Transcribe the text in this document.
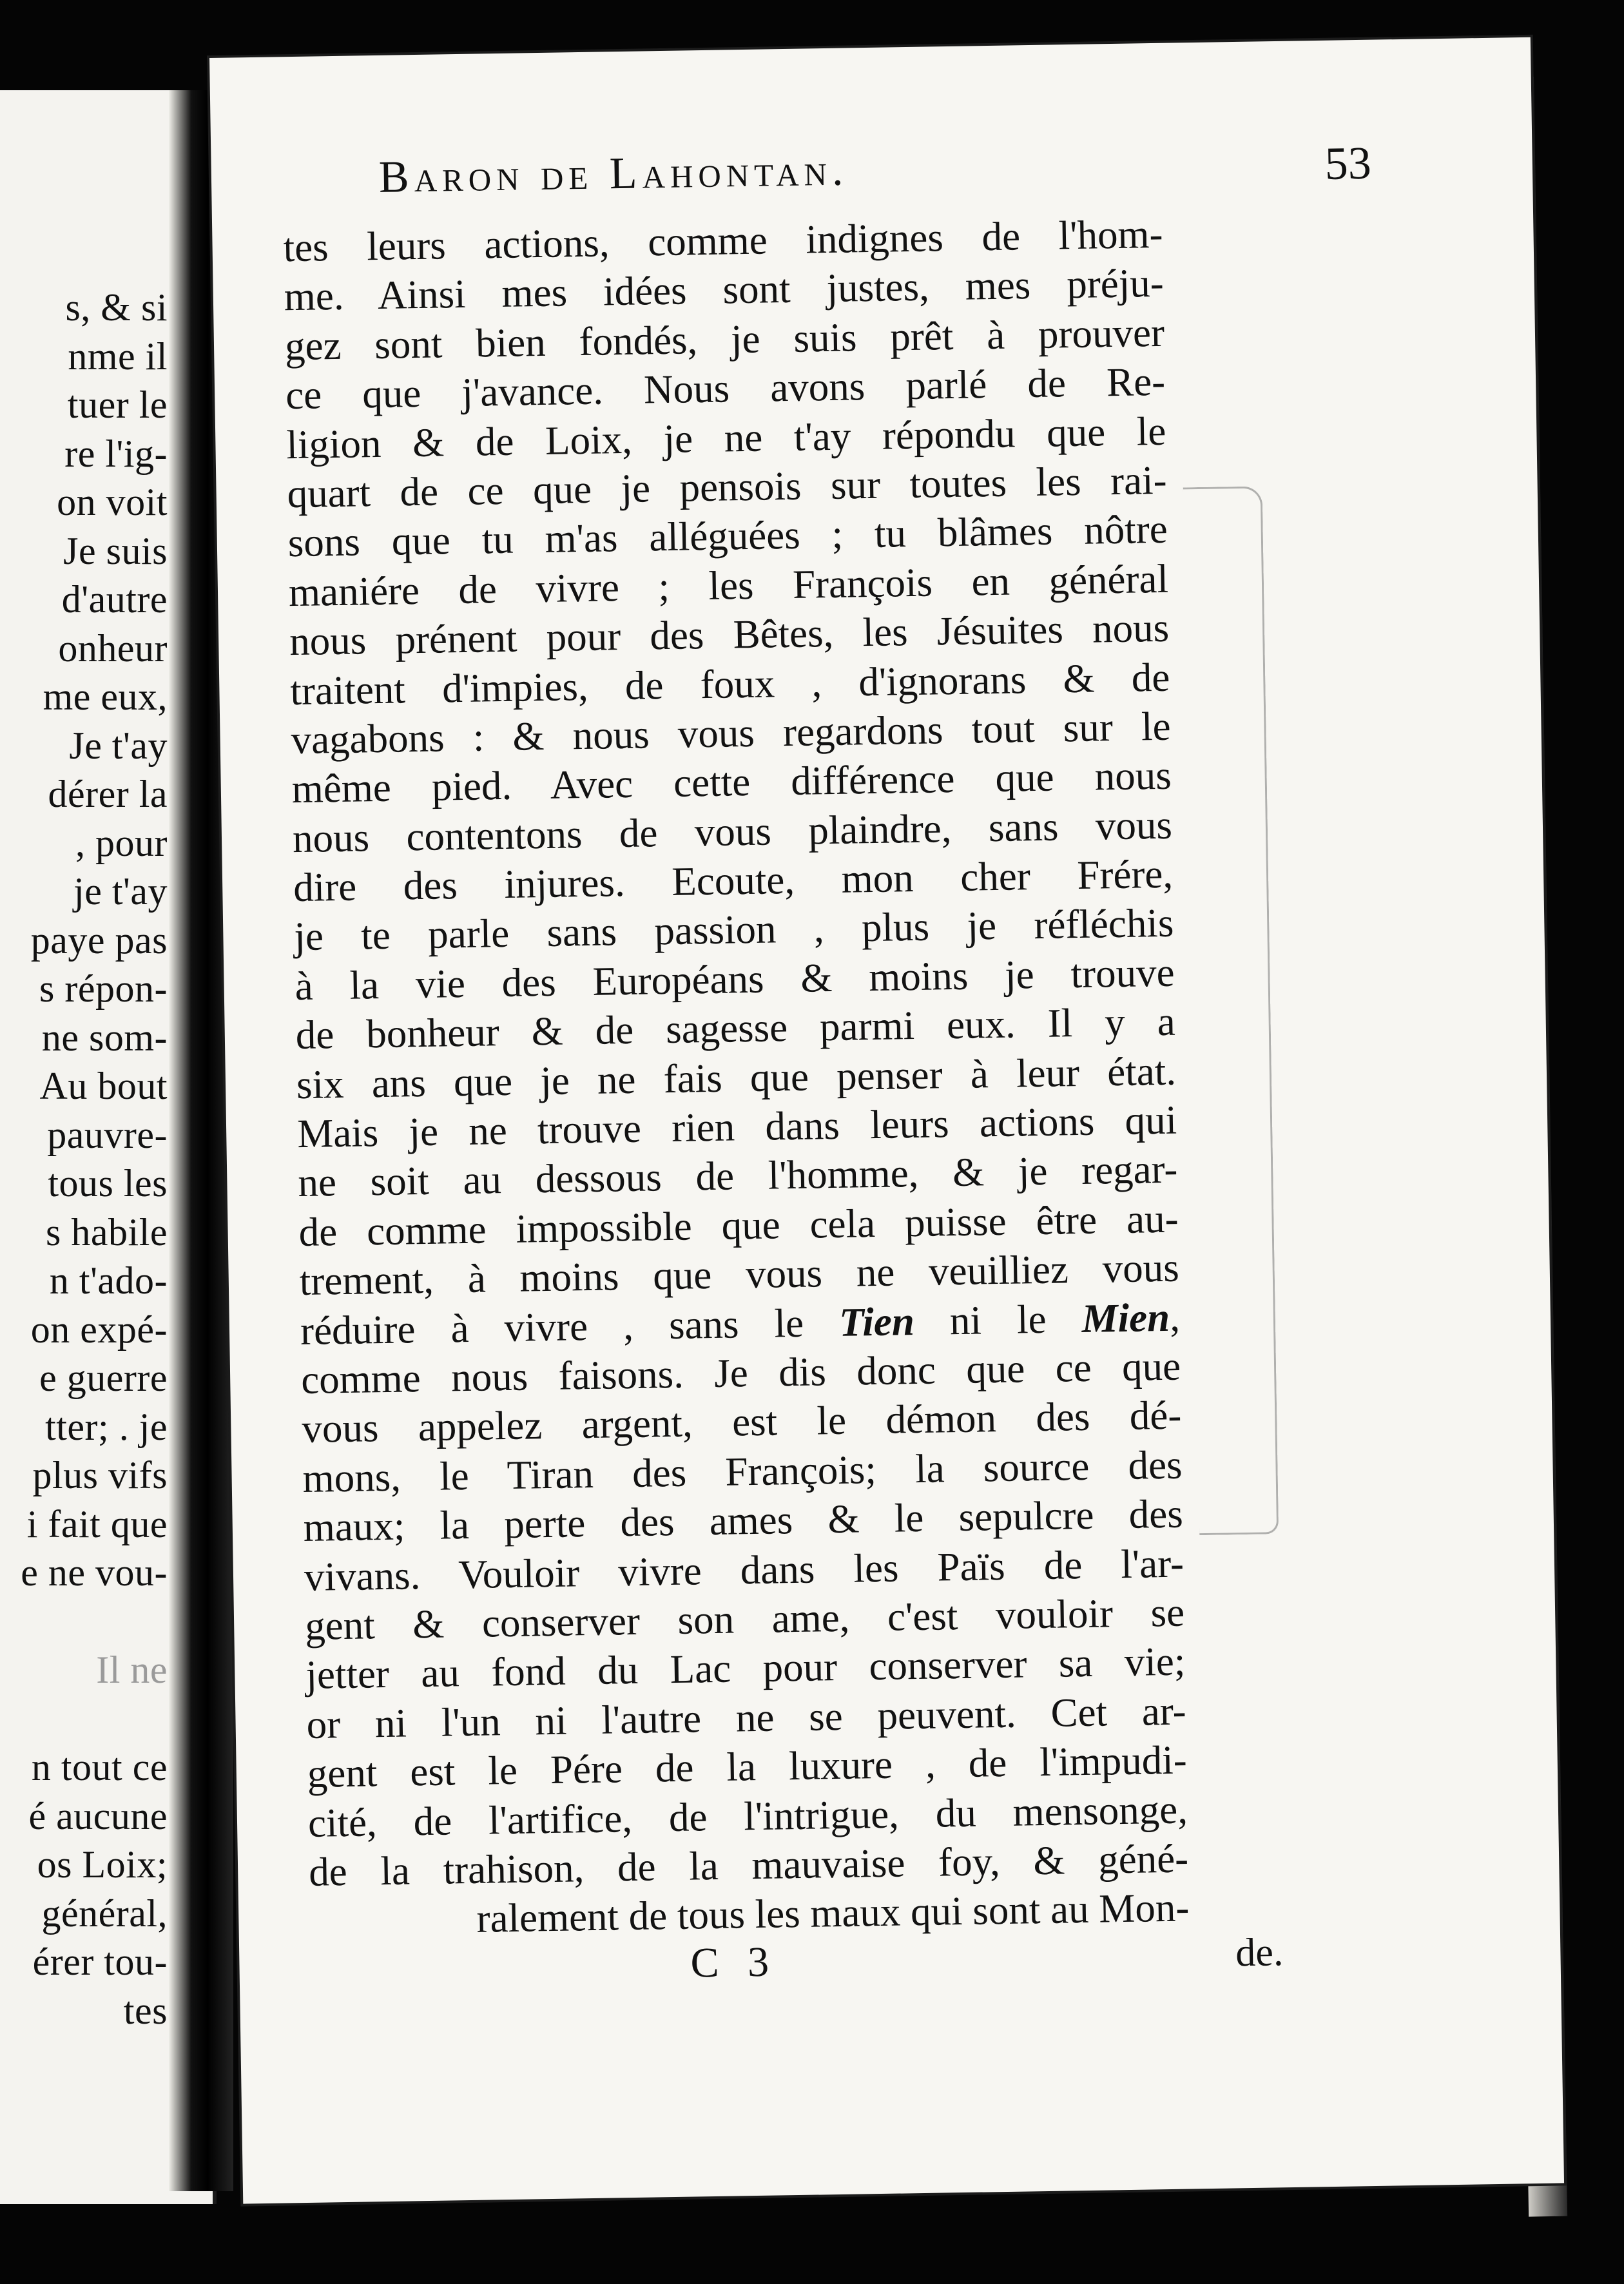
s, & si
nme il
tuer le
re l'ig-
on voit
Je suis
d'autre
onheur
me eux,
Je t'ay
dérer la
, pour
je t'ay
paye pas
s répon-
ne som-
Au bout
pauvre-
tous les
s habile
n t'ado-
on expé-
e guerre
tter; . je
plus vifs
i fait que
e ne vou-
Il ne
n tout ce
é aucune
os Loix;
général,
érer tou-
tes
Baron de Lahontan.	53
tes leurs actions, comme indignes de l'hom-
me. Ainsi mes idées sont justes, mes préju-
gez sont bien fondés, je suis prêt à prouver
ce que j'avance. Nous avons parlé de Re-
ligion & de Loix, je ne t'ay répondu que le
quart de ce que je pensois sur toutes les rai-
sons que tu m'as alléguées ; tu blâmes nôtre
maniére de vivre ; les François en général
nous prénent pour des Bêtes, les Jésuites nous
traitent d'impies, de foux , d'ignorans & de
vagabons : & nous vous regardons tout sur le
même pied. Avec cette différence que nous
nous contentons de vous plaindre, sans vous
dire des injures. Ecoute, mon cher Frére,
je te parle sans passion , plus je réfléchis
à la vie des Européans & moins je trouve
de bonheur & de sagesse parmi eux. Il y a
six ans que je ne fais que penser à leur état.
Mais je ne trouve rien dans leurs actions qui
ne soit au dessous de l'homme, & je regar-
de comme impossible que cela puisse être au-
trement, à moins que vous ne veuilliez vous
réduire à vivre , sans le Tien ni le Mien,
comme nous faisons. Je dis donc que ce que
vous appelez argent, est le démon des dé-
mons, le Tiran des François; la source des
maux; la perte des ames & le sepulcre des
vivans. Vouloir vivre dans les Païs de l'ar-
gent & conserver son ame, c'est vouloir se
jetter au fond du Lac pour conserver sa vie;
or ni l'un ni l'autre ne se peuvent. Cet ar-
gent est le Pére de la luxure , de l'impudi-
cité, de l'artifice, de l'intrigue, du mensonge,
de la trahison, de la mauvaise foy, & géné-
ralement de tous les maux qui sont au Mon-
C 3	de.
